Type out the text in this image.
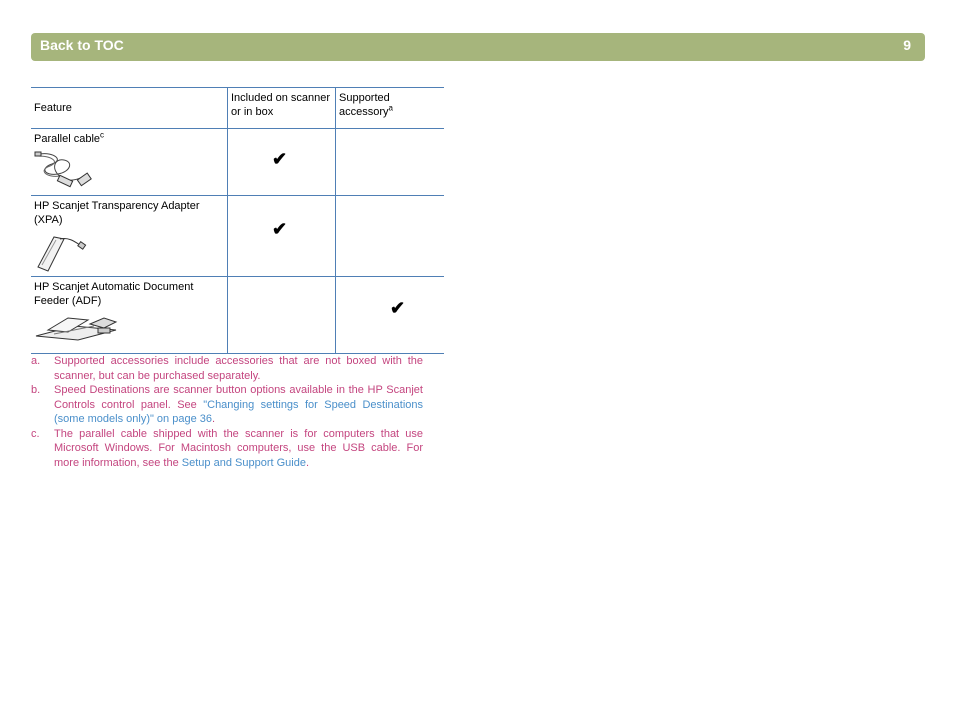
Back to TOC	9
Feature	Included on scanner or in box	Supported accessory$^a$
Parallel cable$^c$	✔	

HP Scanjet Transparency Adapter (XPA)	✔	

HP Scanjet Automatic Document Feeder (ADF)		✔
a. Supported accessories include accessories that are not boxed with the scanner, but can be purchased separately.
b. Speed Destinations are scanner button options available in the HP Scanjet Controls control panel. See "Changing settings for Speed Destinations (some models only)" on page 36.
c. The parallel cable shipped with the scanner is for computers that use Microsoft Windows. For Macintosh computers, use the USB cable. For more information, see the Setup and Support Guide.
